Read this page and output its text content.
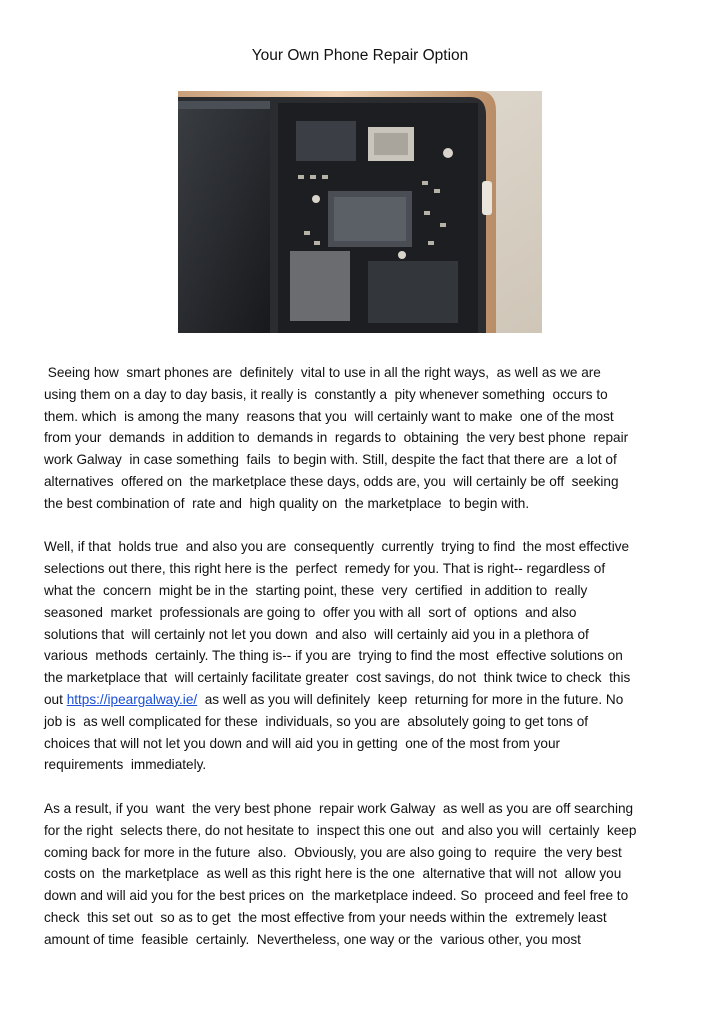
Your Own Phone Repair Option
Seeing how  smart phones are  definitely  vital to use in all the right ways,  as well as we are
using them on a day to day basis, it really is  constantly a  pity whenever something  occurs to
them. which  is among the many  reasons that you  will certainly want to make  one of the most
from your  demands  in addition to  demands in  regards to  obtaining  the very best phone  repair
work Galway  in case something  fails  to begin with. Still, despite the fact that there are  a lot of
alternatives  offered on  the marketplace these days, odds are, you  will certainly be off  seeking
the best combination of  rate and  high quality on  the marketplace  to begin with.
Well, if that  holds true  and also you are  consequently  currently  trying to find  the most effective
selections out there, this right here is the  perfect  remedy for you. That is right-- regardless of
what the  concern  might be in the  starting point, these  very  certified  in addition to  really
seasoned  market  professionals are going to  offer you with all  sort of  options  and also
solutions that  will certainly not let you down  and also  will certainly aid you in a plethora of
various  methods  certainly. The thing is-- if you are  trying to find the most  effective solutions on
the marketplace that  will certainly facilitate greater  cost savings, do not  think twice to check  this
out https://ipeargalway.ie/  as well as you will definitely  keep  returning for more in the future. No
job is  as well complicated for these  individuals, so you are  absolutely going to get tons of
choices that will not let you down and will aid you in getting  one of the most from your
requirements  immediately.
As a result, if you  want  the very best phone  repair work Galway  as well as you are off searching
for the right  selects there, do not hesitate to  inspect this one out  and also you will  certainly  keep
coming back for more in the future  also.  Obviously, you are also going to  require  the very best
costs on  the marketplace  as well as this right here is the one  alternative that will not  allow you
down and will aid you for the best prices on  the marketplace indeed. So  proceed and feel free to
check  this set out  so as to get  the most effective from your needs within the  extremely least
amount of time  feasible  certainly.  Nevertheless, one way or the  various other, you most
